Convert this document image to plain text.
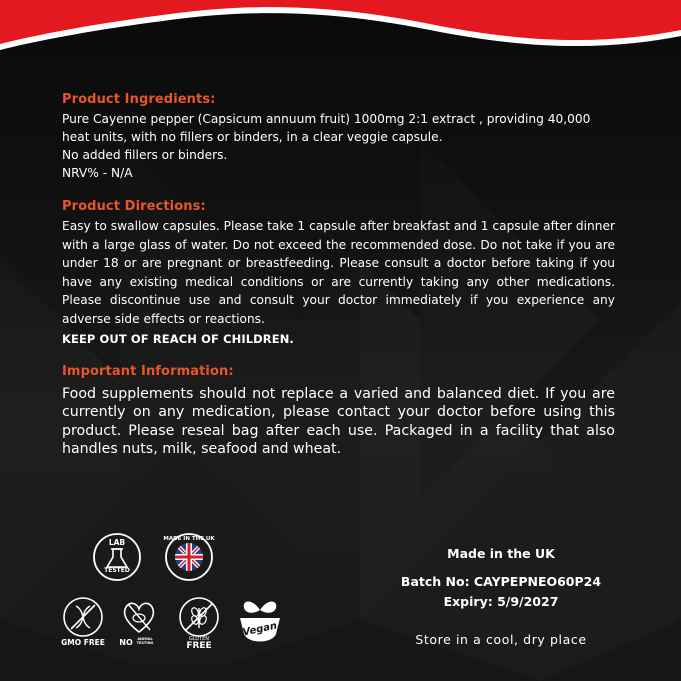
Product Ingredients:

Pure Cayenne pepper (Capsicum annuum fruit) 1000mg 2:1 extract , providing 40,000

heat units, with no fillers or binders, in a clear veggie capsule.

No added fillers or binders.

NRV% - N/A

Product Directions:

Easy to swallow capsules. Please take 1 capsule after breakfast and 1 capsule after dinner with a large glass of water. Do not exceed the recommended dose. Do not take if you are under 18 or are pregnant or breastfeeding. Please consult a doctor before taking if you have any existing medical conditions or are currently taking any other medications. Please discontinue use and consult your doctor immediately if you experience any adverse side effects or reactions.

KEEP OUT OF REACH OF CHILDREN.

Important Information:

Food supplements should not replace a varied and balanced diet. If you are currently on any medication, please contact your doctor before using this product. Please reseal bag after each use. Packaged in a facility that also handles nuts, milk, seafood and wheat.

LAB
TESTED
MADE IN THE UK
GMO FREE	NO	ANIMAL TESTING
GLUTEN
FREE
Vegan
Made in the UK
Batch No: CAYPEPNEO60P24
Expiry: 5/9/2027
Store in a cool, dry place
